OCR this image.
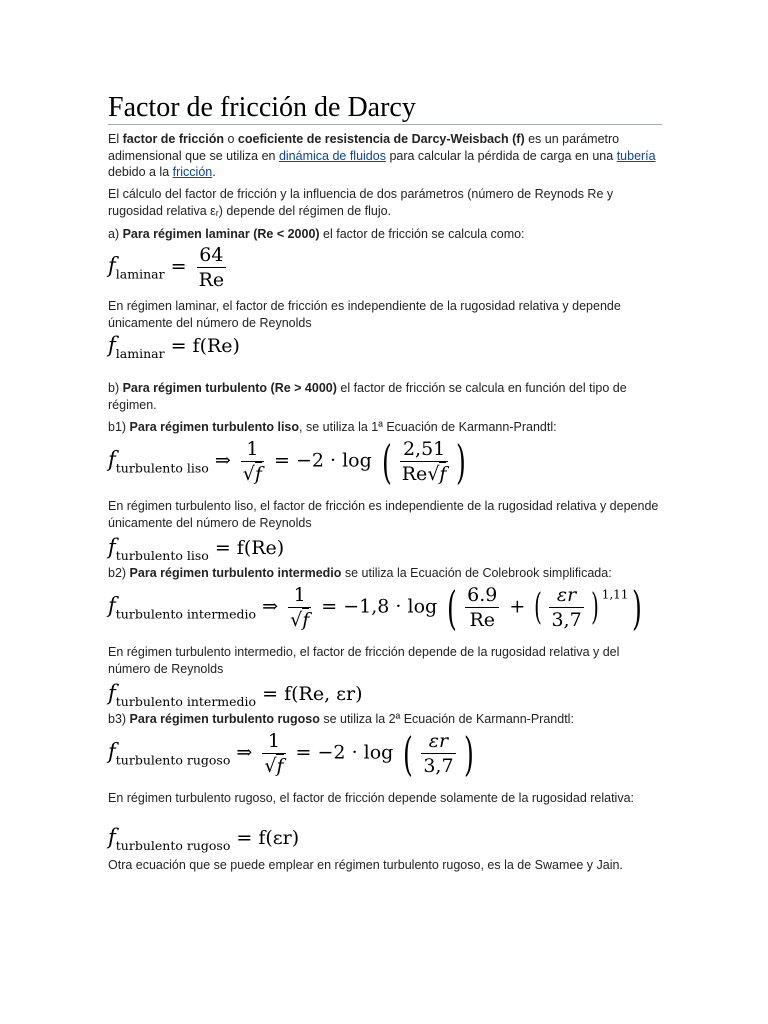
Factor de fricción de Darcy
El factor de fricción o coeficiente de resistencia de Darcy-Weisbach (f) es un parámetro adimensional que se utiliza en dinámica de fluidos para calcular la pérdida de carga en una tubería debido a la fricción.
El cálculo del factor de fricción y la influencia de dos parámetros (número de Reynods Re y rugosidad relativa εᵣ) depende del régimen de flujo.
a) Para régimen laminar (Re < 2000) el factor de fricción se calcula como:
$f_{laminar} = \frac{64}{Re}$
En régimen laminar, el factor de fricción es independiente de la rugosidad relativa y depende únicamente del número de Reynolds
$f_{laminar} = f(Re)$
b) Para régimen turbulento (Re > 4000) el factor de fricción se calcula en función del tipo de régimen.
b1) Para régimen turbulento liso, se utiliza la 1ª Ecuación de Karmann-Prandtl:
$f_{turbulento liso}$ ⇒ $\frac{1}{√f} = -2 \cdot \log$ ( $\frac{2,51}{Re√f}$ )
En régimen turbulento liso, el factor de fricción es independiente de la rugosidad relativa y depende únicamente del número de Reynolds
$f_{turbulento liso} = f(Re)$
b2) Para régimen turbulento intermedio se utiliza la Ecuación de Colebrook simplificada:
$f_{turbulento intermedio}$ ⇒ $\frac{1}{√f} = -1,8 \cdot \log$ ( $\frac{6.9}{Re}$ + ( $\frac{\varepsilon r}{3,7}$ ) $^{1,11}$)
En régimen turbulento intermedio, el factor de fricción depende de la rugosidad relativa y del número de Reynolds
$f_{turbulento intermedio} = f(Re$, εr)
b3) Para régimen turbulento rugoso se utiliza la 2ª Ecuación de Karmann-Prandtl:
$f_{turbulento rugoso}$ ⇒ $\frac{1}{√f} = -2 \cdot \log$ ( $\frac{\varepsilon r}{3,7}$ )
En régimen turbulento rugoso, el factor de fricción depende solamente de la rugosidad relativa:
$f_{turbulento rugoso} = f(\varepsilon r)$
Otra ecuación que se puede emplear en régimen turbulento rugoso, es la de Swamee y Jain.
